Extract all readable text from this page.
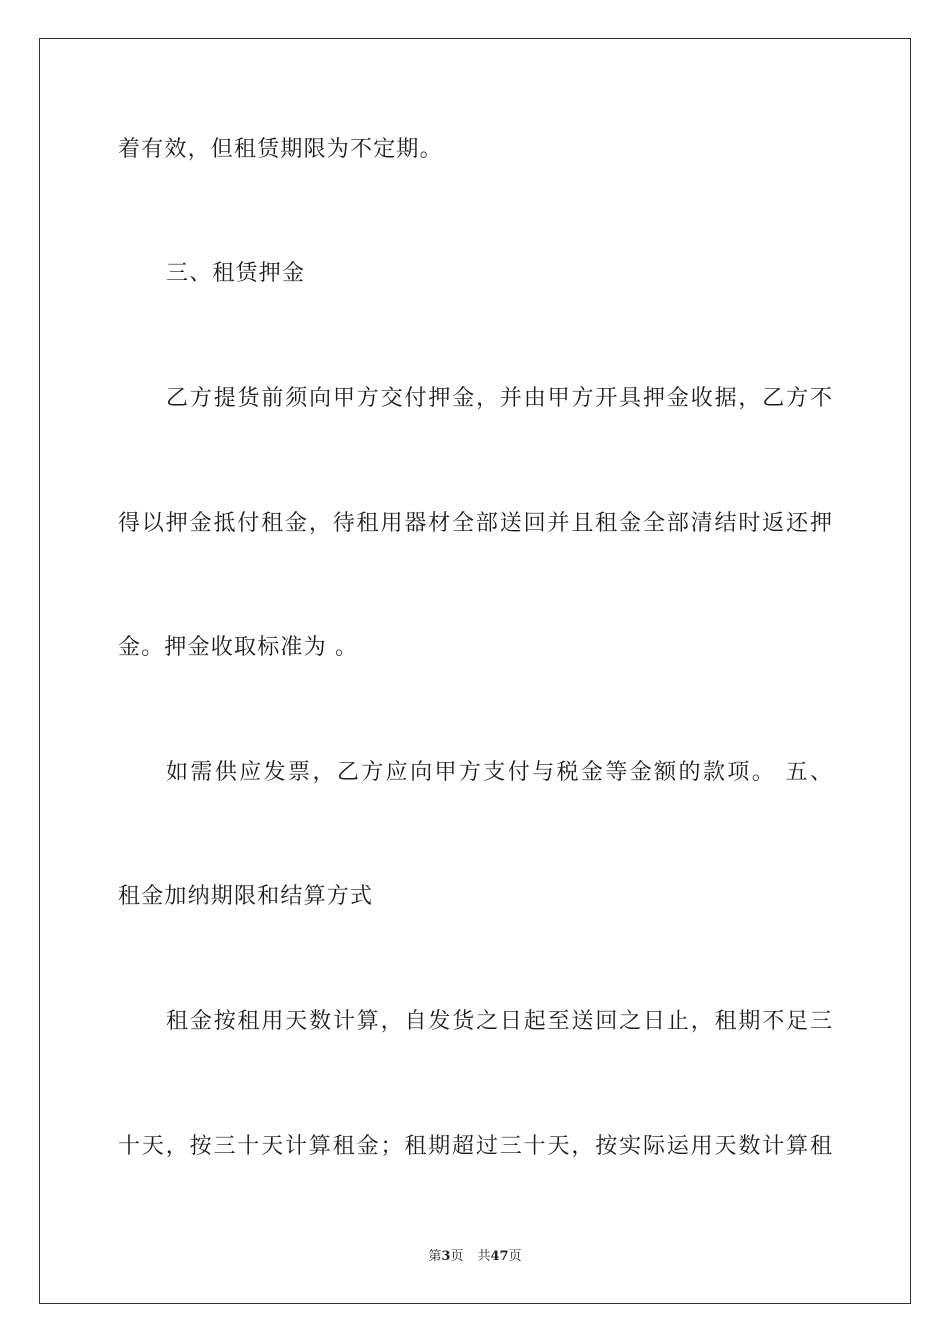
着有效，但租赁期限为不定期。
三、租赁押金
乙方提货前须向甲方交付押金，并由甲方开具押金收据，乙方不
得以押金抵付租金，待租用器材全部送回并且租金全部清结时返还押
金。押金收取标准为 。
如需供应发票，乙方应向甲方支付与税金等金额的款项。 五、
租金加纳期限和结算方式
租金按租用天数计算，自发货之日起至送回之日止，租期不足三
十天，按三十天计算租金；租期超过三十天，按实际运用天数计算租
第3页 共47页
